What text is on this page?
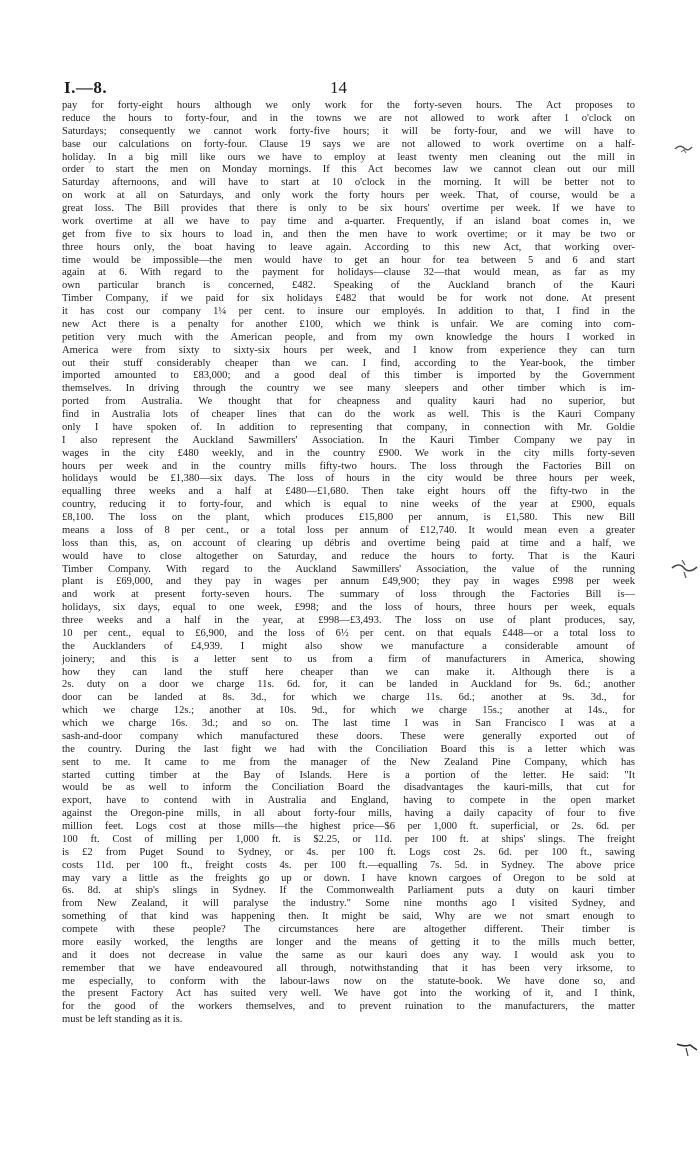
I.—8.	14
pay for forty-eight hours although we only work for the forty-seven hours. The Act proposes to
reduce the hours to forty-four, and in the towns we are not allowed to work after 1 o'clock on
Saturdays; consequently we cannot work forty-five hours; it will be forty-four, and we will have to
base our calculations on forty-four. Clause 19 says we are not allowed to work overtime on a half-
holiday. In a big mill like ours we have to employ at least twenty men cleaning out the mill in
order to start the men on Monday mornings. If this Act becomes law we cannot clean out our mill
Saturday afternoons, and will have to start at 10 o'clock in the morning. It will be better not to
on work at all on Saturdays, and only work the forty hours per week. That, of course, would be a
great loss. The Bill provides that there is only to be six hours' overtime per week. If we have to
work overtime at all we have to pay time and a-quarter. Frequently, if an island boat comes in, we
get from five to six hours to load in, and then the men have to work overtime; or it may be two or
three hours only, the boat having to leave again. According to this new Act, that working over-
time would be impossible—the men would have to get an hour for tea between 5 and 6 and start
again at 6. With regard to the payment for holidays—clause 32—that would mean, as far as my
own particular branch is concerned, £482. Speaking of the Auckland branch of the Kauri
Timber Company, if we paid for six holidays £482 that would be for work not done. At present
it has cost our company 1¼ per cent. to insure our employés. In addition to that, I find in the
new Act there is a penalty for another £100, which we think is unfair. We are coming into com-
petition very much with the American people, and from my own knowledge the hours I worked in
America were from sixty to sixty-six hours per week, and I know from experience they can turn
out their stuff considerably cheaper than we can. I find, according to the Year-book, the timber
imported amounted to £83,000; and a good deal of this timber is imported by the Government
themselves. In driving through the country we see many sleepers and other timber which is im-
ported from Australia. We thought that for cheapness and quality kauri had no superior, but
find in Australia lots of cheaper lines that can do the work as well. This is the Kauri Company
only I have spoken of. In addition to representing that company, in connection with Mr. Goldie
I also represent the Auckland Sawmillers' Association. In the Kauri Timber Company we pay in
wages in the city £480 weekly, and in the country £900. We work in the city mills forty-seven
hours per week and in the country mills fifty-two hours. The loss through the Factories Bill on
holidays would be £1,380—six days. The loss of hours in the city would be three hours per week,
equalling three weeks and a half at £480—£1,680. Then take eight hours off the fifty-two in the
country, reducing it to forty-four, and which is equal to nine weeks of the year at £900, equals
£8,100. The loss on the plant, which produces £15,800 per annum, is £1,580. This new Bill
means a loss of 8 per cent., or a total loss per annum of £12,740. It would mean even a greater
loss than this, as, on account of clearing up débris and overtime being paid at time and a half, we
would have to close altogether on Saturday, and reduce the hours to forty. That is the Kauri
Timber Company. With regard to the Auckland Sawmillers' Association, the value of the running
plant is £69,000, and they pay in wages per annum £49,900; they pay in wages £998 per week
and work at present forty-seven hours. The summary of loss through the Factories Bill is—
holidays, six days, equal to one week, £998; and the loss of hours, three hours per week, equals
three weeks and a half in the year, at £998—£3,493. The loss on use of plant produces, say,
10 per cent., equal to £6,900, and the loss of 6½ per cent. on that equals £448—or a total loss to
the Aucklanders of £4,939. I might also show we manufacture a considerable amount of
joinery; and this is a letter sent to us from a firm of manufacturers in America, showing
how they can land the stuff here cheaper than we can make it. Although there is a
2s. duty on a door we charge 11s. 6d. for, it can be landed in Auckland for 9s. 6d.; another
door can be landed at 8s. 3d., for which we charge 11s. 6d.; another at 9s. 3d., for
which we charge 12s.; another at 10s. 9d., for which we charge 15s.; another at 14s., for
which we charge 16s. 3d.; and so on. The last time I was in San Francisco I was at a
sash-and-door company which manufactured these doors. These were generally exported out of
the country. During the last fight we had with the Conciliation Board this is a letter which was
sent to me. It came to me from the manager of the New Zealand Pine Company, which has
started cutting timber at the Bay of Islands. Here is a portion of the letter. He said: "It
would be as well to inform the Conciliation Board the disadvantages the kauri-mills, that cut for
export, have to contend with in Australia and England, having to compete in the open market
against the Oregon-pine mills, in all about forty-four mills, having a daily capacity of four to five
million feet. Logs cost at those mills—the highest price—$6 per 1,000 ft. superficial, or 2s. 6d. per
100 ft. Cost of milling per 1,000 ft. is $2.25, or 11d. per 100 ft. at ships' slings. The freight
is £2 from Puget Sound to Sydney, or 4s. per 100 ft. Logs cost 2s. 6d. per 100 ft., sawing
costs 11d. per 100 ft., freight costs 4s. per 100 ft.—equalling 7s. 5d. in Sydney. The above price
may vary a little as the freights go up or down. I have known cargoes of Oregon to be sold at
6s. 8d. at ship's slings in Sydney. If the Commonwealth Parliament puts a duty on kauri timber
from New Zealand, it will paralyse the industry." Some nine months ago I visited Sydney, and
something of that kind was happening then. It might be said, Why are we not smart enough to
compete with these people? The circumstances here are altogether different. Their timber is
more easily worked, the lengths are longer and the means of getting it to the mills much better,
and it does not decrease in value the same as our kauri does any way. I would ask you to
remember that we have endeavoured all through, notwithstanding that it has been very irksome, to
me especially, to conform with the labour-laws now on the statute-book. We have done so, and
the present Factory Act has suited very well. We have got into the working of it, and I think,
for the good of the workers themselves, and to prevent ruination to the manufacturers, the matter
must be left standing as it is.
